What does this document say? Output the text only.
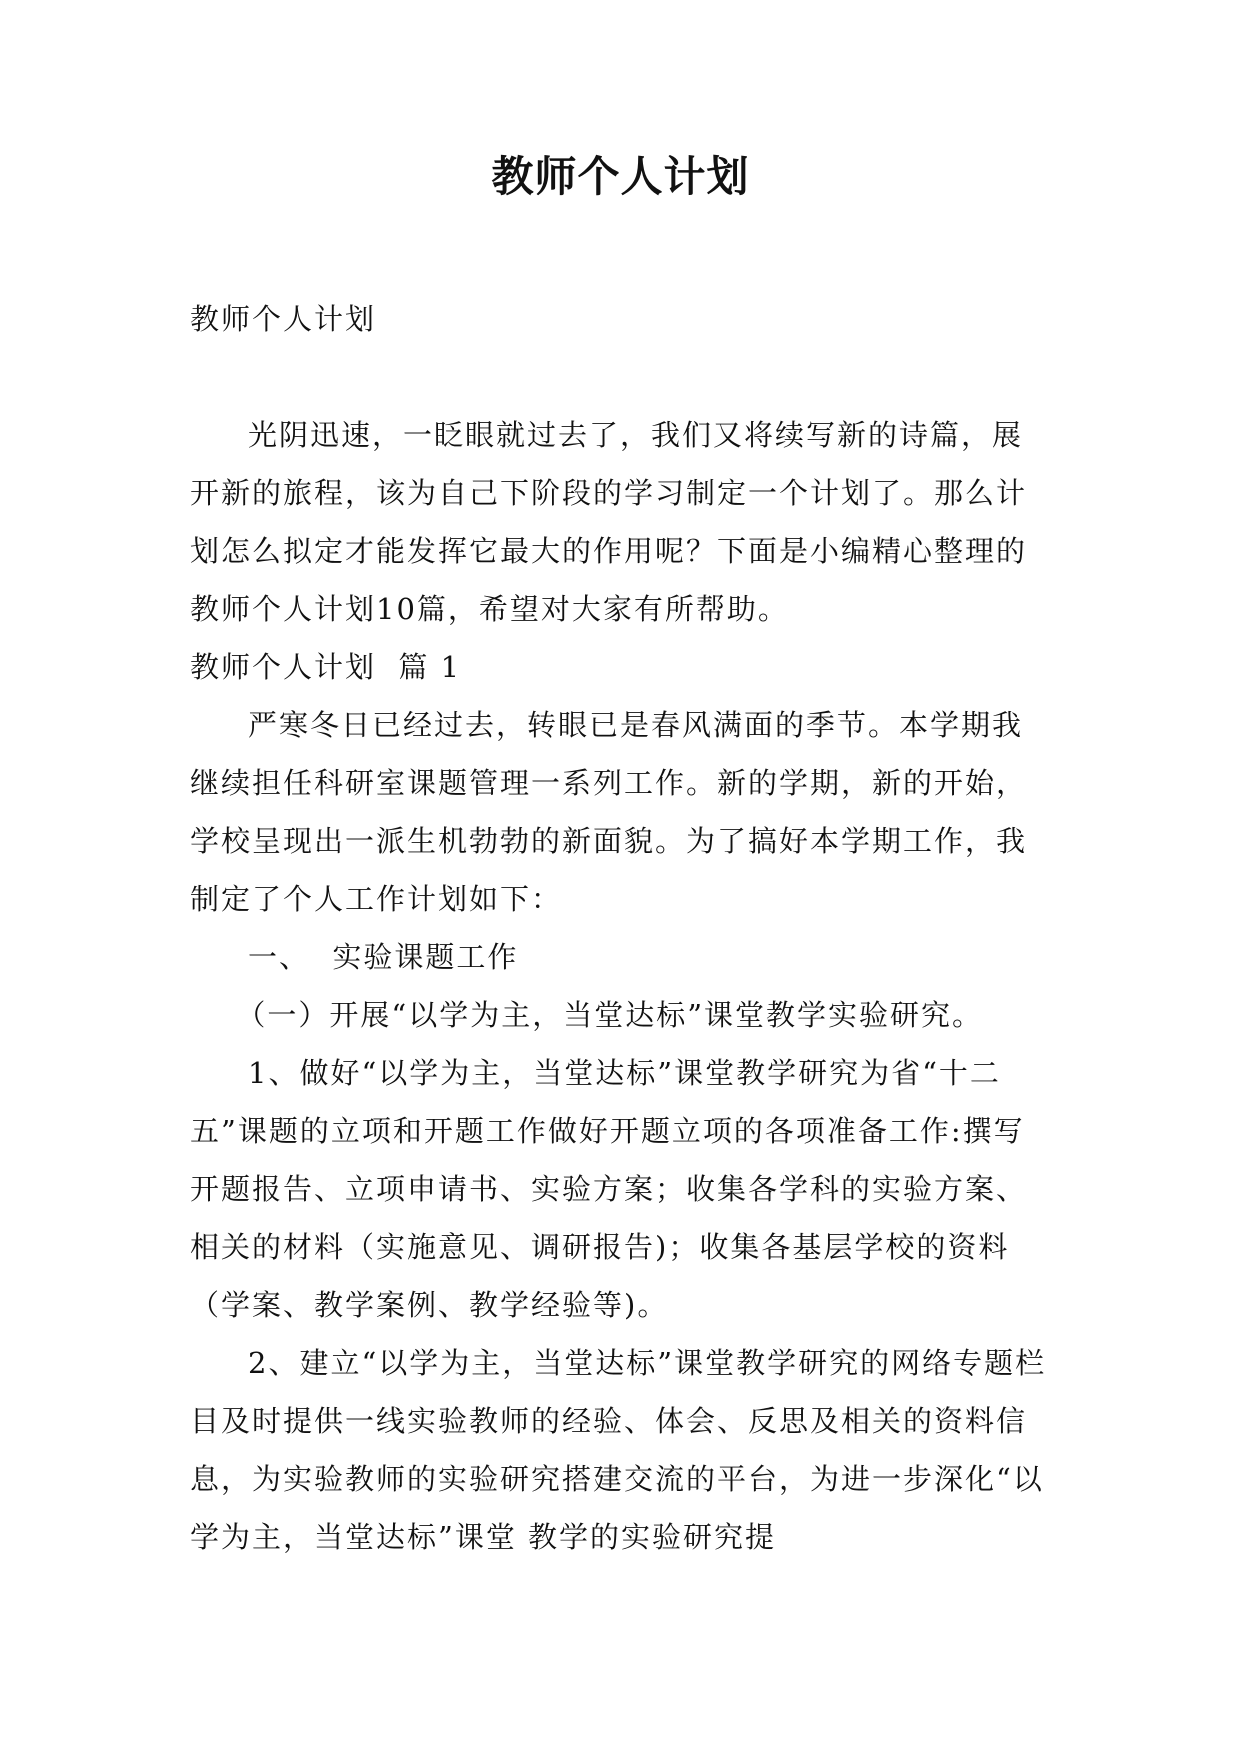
教师个人计划

教师个人计划

光阴迅速，一眨眼就过去了，我们又将续写新的诗篇，展开新的旅程，该为自己下阶段的学习制定一个计划了。那么计划怎么拟定才能发挥它最大的作用呢？下面是小编精心整理的教师个人计划10篇，希望对大家有所帮助。

教师个人计划  篇 1

严寒冬日已经过去，转眼已是春风满面的季节。本学期我继续担任科研室课题管理一系列工作。新的学期，新的开始，学校呈现出一派生机勃勃的新面貌。为了搞好本学期工作，我制定了个人工作计划如下：

一、  实验课题工作

（一）开展“以学为主，当堂达标”课堂教学实验研究。

1、做好“以学为主，当堂达标”课堂教学研究为省“十二五”课题的立项和开题工作做好开题立项的各项准备工作:撰写开题报告、立项申请书、实验方案；收集各学科的实验方案、相关的材料（实施意见、调研报告)；收集各基层学校的资料（学案、教学案例、教学经验等)。

2、建立“以学为主，当堂达标”课堂教学研究的网络专题栏目及时提供一线实验教师的经验、体会、反思及相关的资料信息，为实验教师的实验研究搭建交流的平台，为进一步深化“以学为主，当堂达标”课堂 教学的实验研究提
